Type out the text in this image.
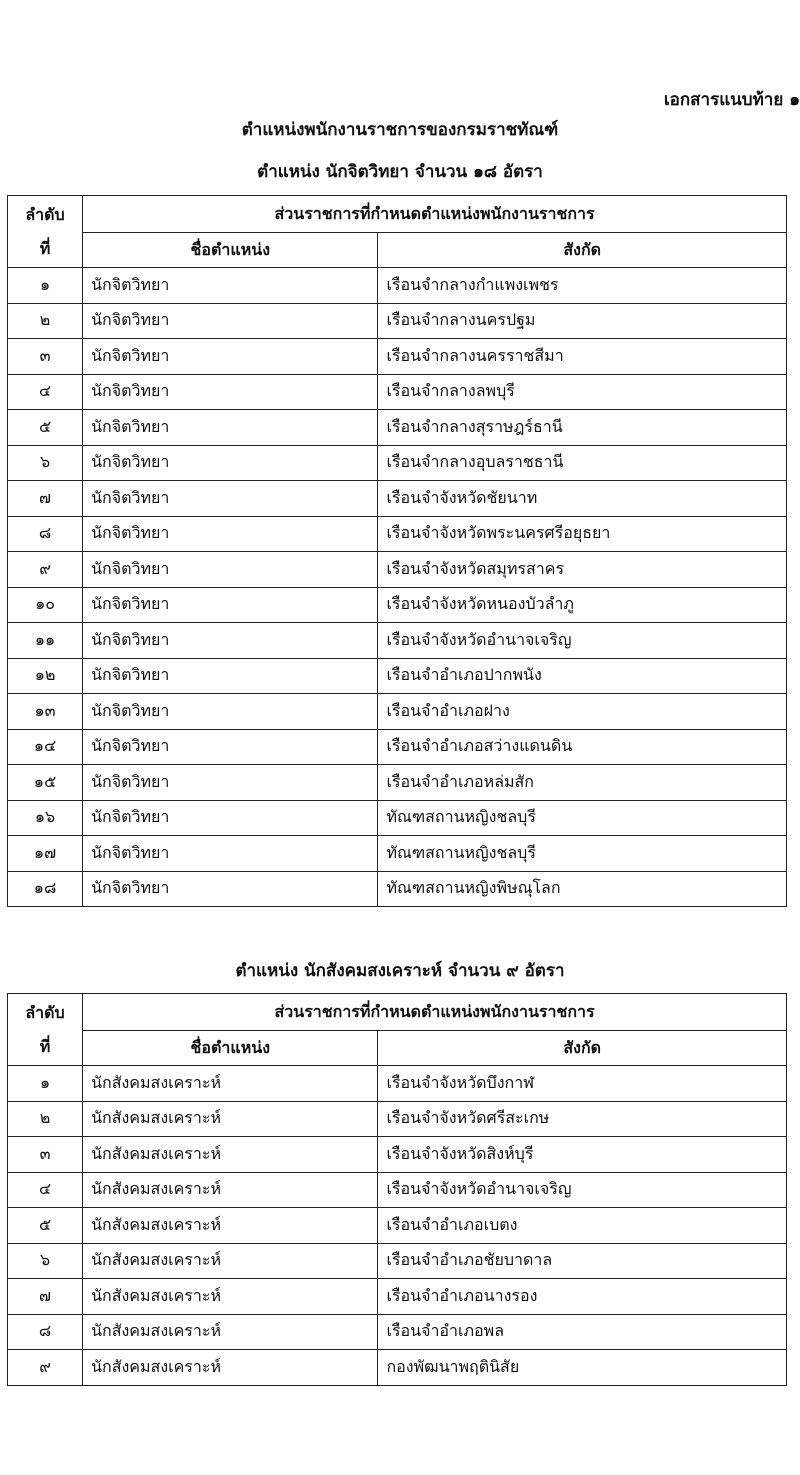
เอกสารแนบท้าย ๑
ตำแหน่งพนักงานราชการของกรมราชทัณฑ์
ตำแหน่ง นักจิตวิทยา จำนวน ๑๘ อัตรา
ลำดับ
ที่	ส่วนราชการที่กำหนดตำแหน่งพนักงานราชการ	
	ชื่อตำแหน่ง	สังกัด
๑	นักจิตวิทยา	เรือนจำกลางกำแพงเพชร
๒	นักจิตวิทยา	เรือนจำกลางนครปฐม
๓	นักจิตวิทยา	เรือนจำกลางนครราชสีมา
๔	นักจิตวิทยา	เรือนจำกลางลพบุรี
๕	นักจิตวิทยา	เรือนจำกลางสุราษฎร์ธานี
๖	นักจิตวิทยา	เรือนจำกลางอุบลราชธานี
๗	นักจิตวิทยา	เรือนจำจังหวัดชัยนาท
๘	นักจิตวิทยา	เรือนจำจังหวัดพระนครศรีอยุธยา
๙	นักจิตวิทยา	เรือนจำจังหวัดสมุทรสาคร
๑๐	นักจิตวิทยา	เรือนจำจังหวัดหนองบัวลำภู
๑๑	นักจิตวิทยา	เรือนจำจังหวัดอำนาจเจริญ
๑๒	นักจิตวิทยา	เรือนจำอำเภอปากพนัง
๑๓	นักจิตวิทยา	เรือนจำอำเภอฝาง
๑๔	นักจิตวิทยา	เรือนจำอำเภอสว่างแดนดิน
๑๕	นักจิตวิทยา	เรือนจำอำเภอหล่มสัก
๑๖	นักจิตวิทยา	ทัณฑสถานหญิงชลบุรี
๑๗	นักจิตวิทยา	ทัณฑสถานหญิงชลบุรี
๑๘	นักจิตวิทยา	ทัณฑสถานหญิงพิษณุโลก
ตำแหน่ง นักสังคมสงเคราะห์ จำนวน ๙ อัตรา
ลำดับ
ที่	ส่วนราชการที่กำหนดตำแหน่งพนักงานราชการ	
	ชื่อตำแหน่ง	สังกัด
๑	นักสังคมสงเคราะห์	เรือนจำจังหวัดบึงกาฬ
๒	นักสังคมสงเคราะห์	เรือนจำจังหวัดศรีสะเกษ
๓	นักสังคมสงเคราะห์	เรือนจำจังหวัดสิงห์บุรี
๔	นักสังคมสงเคราะห์	เรือนจำจังหวัดอำนาจเจริญ
๕	นักสังคมสงเคราะห์	เรือนจำอำเภอเบตง
๖	นักสังคมสงเคราะห์	เรือนจำอำเภอชัยบาดาล
๗	นักสังคมสงเคราะห์	เรือนจำอำเภอนางรอง
๘	นักสังคมสงเคราะห์	เรือนจำอำเภอพล
๙	นักสังคมสงเคราะห์	กองพัฒนาพฤตินิสัย
